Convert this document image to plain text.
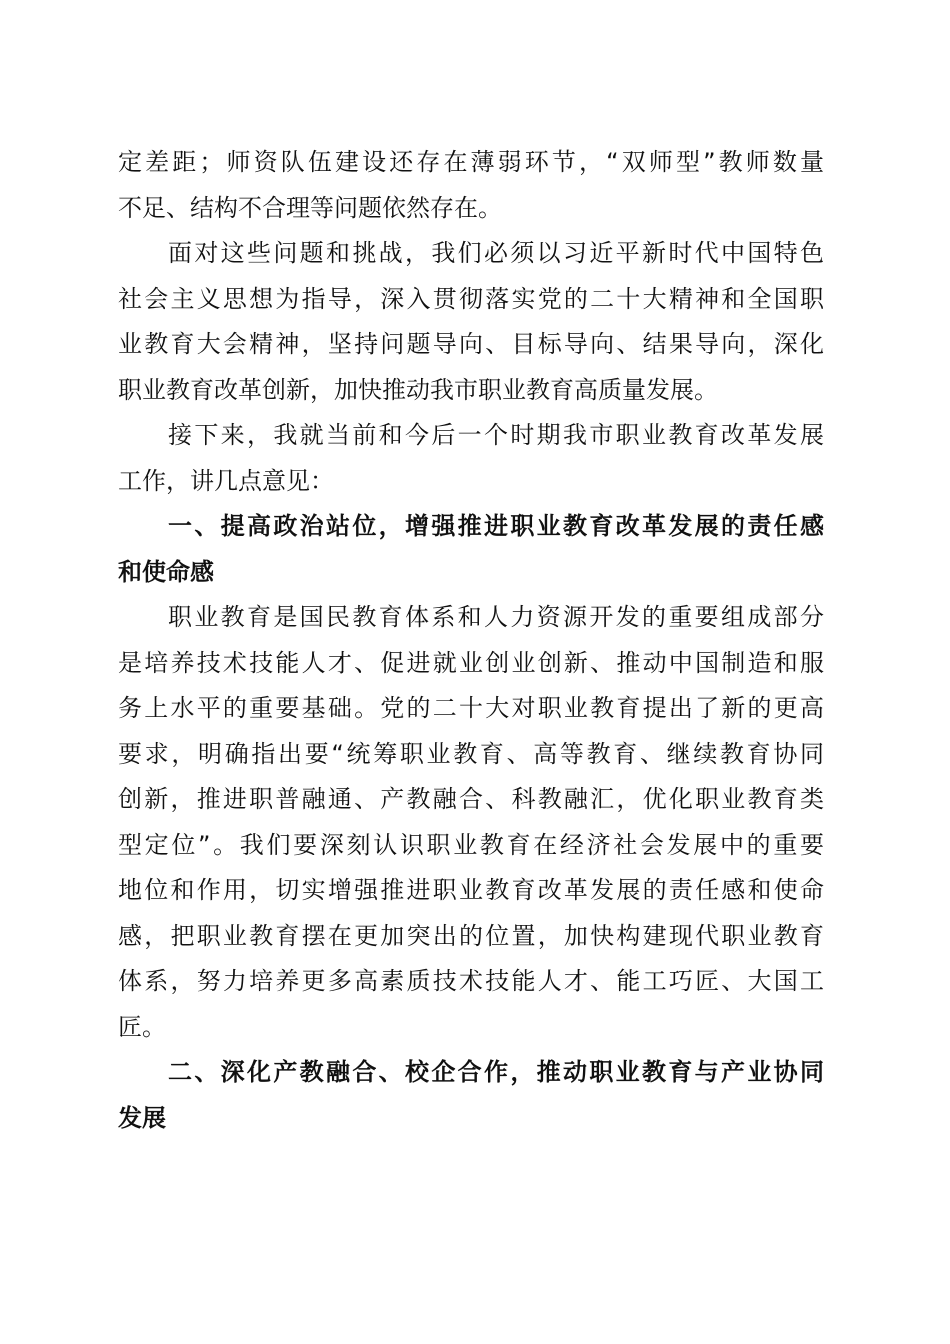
定差距；师资队伍建设还存在薄弱环节，“双师型”教师数量
不足、结构不合理等问题依然存在。
面对这些问题和挑战，我们必须以习近平新时代中国特色
社会主义思想为指导，深入贯彻落实党的二十大精神和全国职
业教育大会精神，坚持问题导向、目标导向、结果导向，深化
职业教育改革创新，加快推动我市职业教育高质量发展。
接下来，我就当前和今后一个时期我市职业教育改革发展
工作，讲几点意见：
一、提高政治站位，增强推进职业教育改革发展的责任感
和使命感
职业教育是国民教育体系和人力资源开发的重要组成部分
是培养技术技能人才、促进就业创业创新、推动中国制造和服
务上水平的重要基础。党的二十大对职业教育提出了新的更高
要求，明确指出要“统筹职业教育、高等教育、继续教育协同
创新，推进职普融通、产教融合、科教融汇，优化职业教育类
型定位”。我们要深刻认识职业教育在经济社会发展中的重要
地位和作用，切实增强推进职业教育改革发展的责任感和使命
感，把职业教育摆在更加突出的位置，加快构建现代职业教育
体系，努力培养更多高素质技术技能人才、能工巧匠、大国工
匠。
二、深化产教融合、校企合作，推动职业教育与产业协同
发展
